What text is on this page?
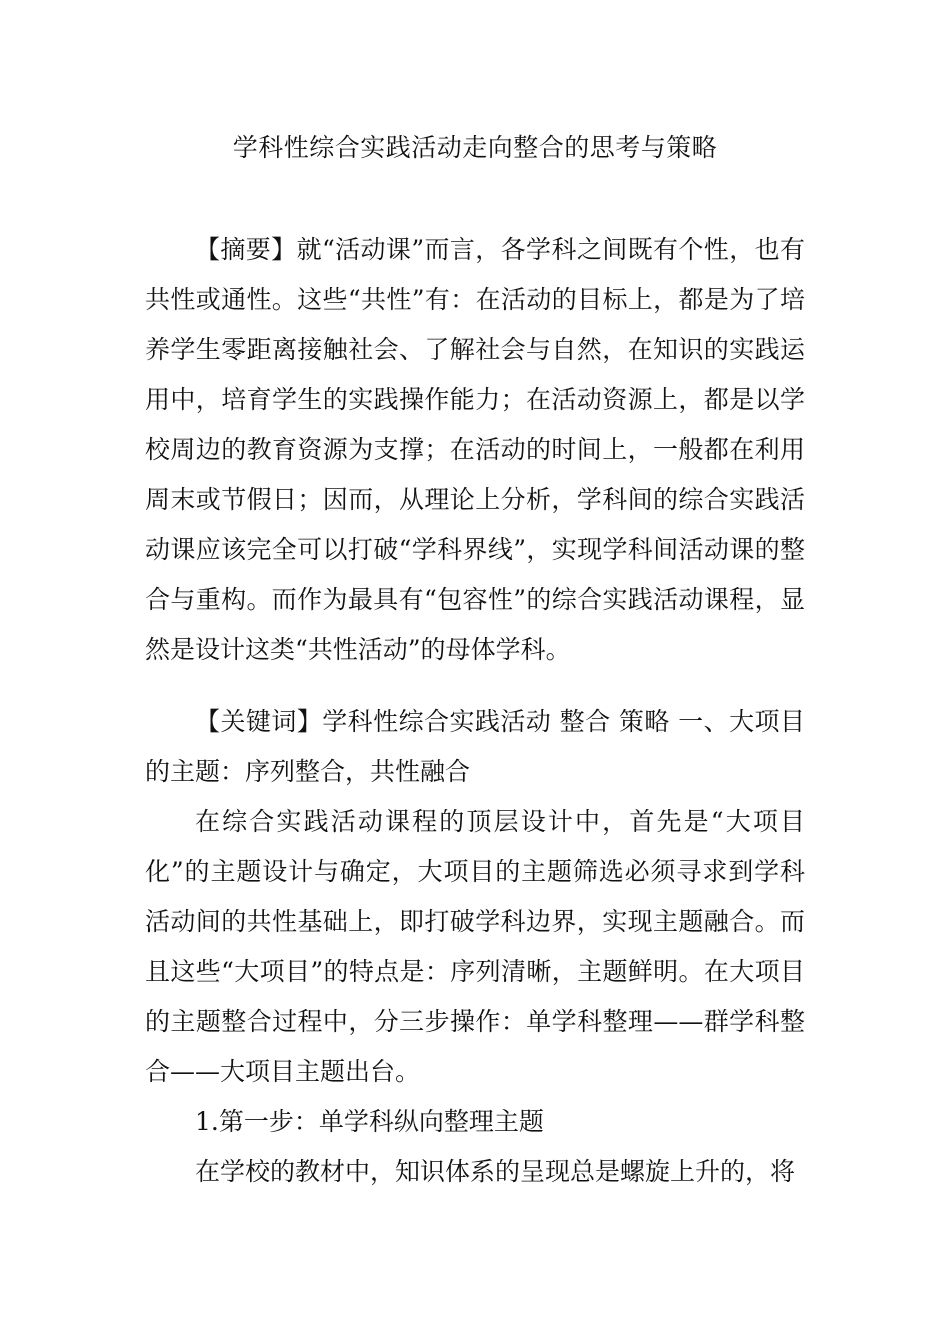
学科性综合实践活动走向整合的思考与策略

【摘要】就“活动课”而言，各学科之间既有个性，也有共性或通性。这些“共性”有：在活动的目标上，都是为了培养学生零距离接触社会、了解社会与自然，在知识的实践运用中，培育学生的实践操作能力；在活动资源上，都是以学校周边的教育资源为支撑；在活动的时间上，一般都在利用周末或节假日；因而，从理论上分析，学科间的综合实践活动课应该完全可以打破“学科界线”，实现学科间活动课的整合与重构。而作为最具有“包容性”的综合实践活动课程，显然是设计这类“共性活动”的母体学科。

【关键词】学科性综合实践活动 整合 策略 一、大项目的主题：序列整合，共性融合

在综合实践活动课程的顶层设计中，首先是“大项目化”的主题设计与确定，大项目的主题筛选必须寻求到学科活动间的共性基础上，即打破学科边界，实现主题融合。而且这些“大项目”的特点是：序列清晰，主题鲜明。在大项目的主题整合过程中，分三步操作：单学科整理——群学科整合——大项目主题出台。

1.第一步：单学科纵向整理主题

在学校的教材中，知识体系的呈现总是螺旋上升的，将
